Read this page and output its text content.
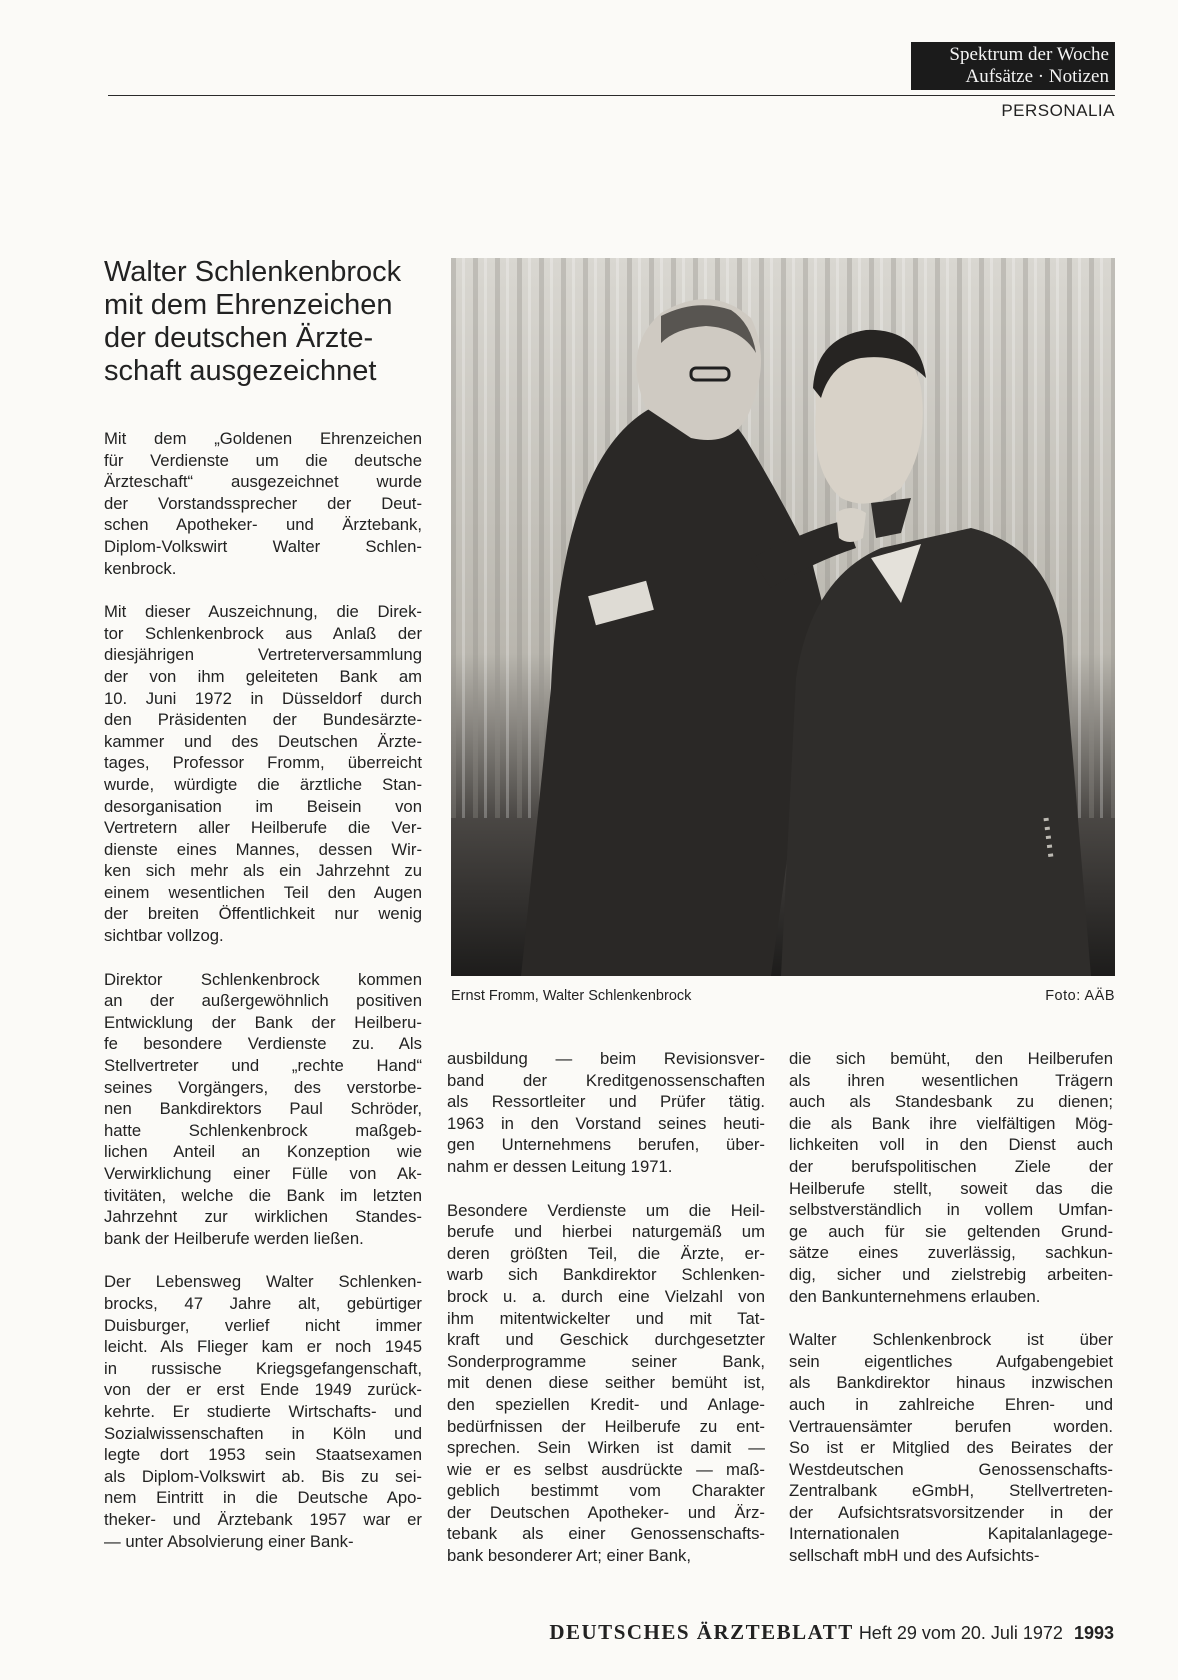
Spektrum der Woche
Aufsätze · Notizen
PERSONALIA
Walter Schlenkenbrock
mit dem Ehrenzeichen
der deutschen Ärzte-
schaft ausgezeichnet

Mit dem „Goldenen Ehrenzeichen
für Verdienste um die deutsche
Ärzteschaft“ ausgezeichnet wurde
der Vorstandssprecher der Deut-
schen Apotheker- und Ärztebank,
Diplom-Volkswirt Walter Schlen-
kenbrock.

Mit dieser Auszeichnung, die Direk-
tor Schlenkenbrock aus Anlaß der
diesjährigen Vertreterversammlung
der von ihm geleiteten Bank am
10. Juni 1972 in Düsseldorf durch
den Präsidenten der Bundesärzte-
kammer und des Deutschen Ärzte-
tages, Professor Fromm, überreicht
wurde, würdigte die ärztliche Stan-
desorganisation im Beisein von
Vertretern aller Heilberufe die Ver-
dienste eines Mannes, dessen Wir-
ken sich mehr als ein Jahrzehnt zu
einem wesentlichen Teil den Augen
der breiten Öffentlichkeit nur wenig
sichtbar vollzog.

Direktor Schlenkenbrock kommen
an der außergewöhnlich positiven
Entwicklung der Bank der Heilberu-
fe besondere Verdienste zu. Als
Stellvertreter und „rechte Hand“
seines Vorgängers, des verstorbe-
nen Bankdirektors Paul Schröder,
hatte Schlenkenbrock maßgeb-
lichen Anteil an Konzeption wie
Verwirklichung einer Fülle von Ak-
tivitäten, welche die Bank im letzten
Jahrzehnt zur wirklichen Standes-
bank der Heilberufe werden ließen.

Der Lebensweg Walter Schlenken-
brocks, 47 Jahre alt, gebürtiger
Duisburger, verlief nicht immer
leicht. Als Flieger kam er noch 1945
in russische Kriegsgefangenschaft,
von der er erst Ende 1949 zurück-
kehrte. Er studierte Wirtschafts- und
Sozialwissenschaften in Köln und
legte dort 1953 sein Staatsexamen
als Diplom-Volkswirt ab. Bis zu sei-
nem Eintritt in die Deutsche Apo-
theker- und Ärztebank 1957 war er
— unter Absolvierung einer Bank-

ausbildung — beim Revisionsver-
band der Kreditgenossenschaften
als Ressortleiter und Prüfer tätig.
1963 in den Vorstand seines heuti-
gen Unternehmens berufen, über-
nahm er dessen Leitung 1971.

Besondere Verdienste um die Heil-
berufe und hierbei naturgemäß um
deren größten Teil, die Ärzte, er-
warb sich Bankdirektor Schlenken-
brock u. a. durch eine Vielzahl von
ihm mitentwickelter und mit Tat-
kraft und Geschick durchgesetzter
Sonderprogramme seiner Bank,
mit denen diese seither bemüht ist,
den speziellen Kredit- und Anlage-
bedürfnissen der Heilberufe zu ent-
sprechen. Sein Wirken ist damit —
wie er es selbst ausdrückte — maß-
geblich bestimmt vom Charakter
der Deutschen Apotheker- und Ärz-
tebank als einer Genossenschafts-
bank besonderer Art; einer Bank,

die sich bemüht, den Heilberufen
als ihren wesentlichen Trägern
auch als Standesbank zu dienen;
die als Bank ihre vielfältigen Mög-
lichkeiten voll in den Dienst auch
der berufspolitischen Ziele der
Heilberufe stellt, soweit das die
selbstverständlich in vollem Umfan-
ge auch für sie geltenden Grund-
sätze eines zuverlässig, sachkun-
dig, sicher und zielstrebig arbeiten-
den Bankunternehmens erlauben.

Walter Schlenkenbrock ist über
sein eigentliches Aufgabengebiet
als Bankdirektor hinaus inzwischen
auch in zahlreiche Ehren- und
Vertrauensämter berufen worden.
So ist er Mitglied des Beirates der
Westdeutschen Genossenschafts-
Zentralbank eGmbH, Stellvertreten-
der Aufsichtsratsvorsitzender in der
Internationalen Kapitalanlagege-
sellschaft mbH und des Aufsichts-

Ernst Fromm, Walter Schlenkenbrock	Foto: AÄB
DEUTSCHES ÄRZTEBLATT Heft 29 vom 20. Juli 1972 1993
